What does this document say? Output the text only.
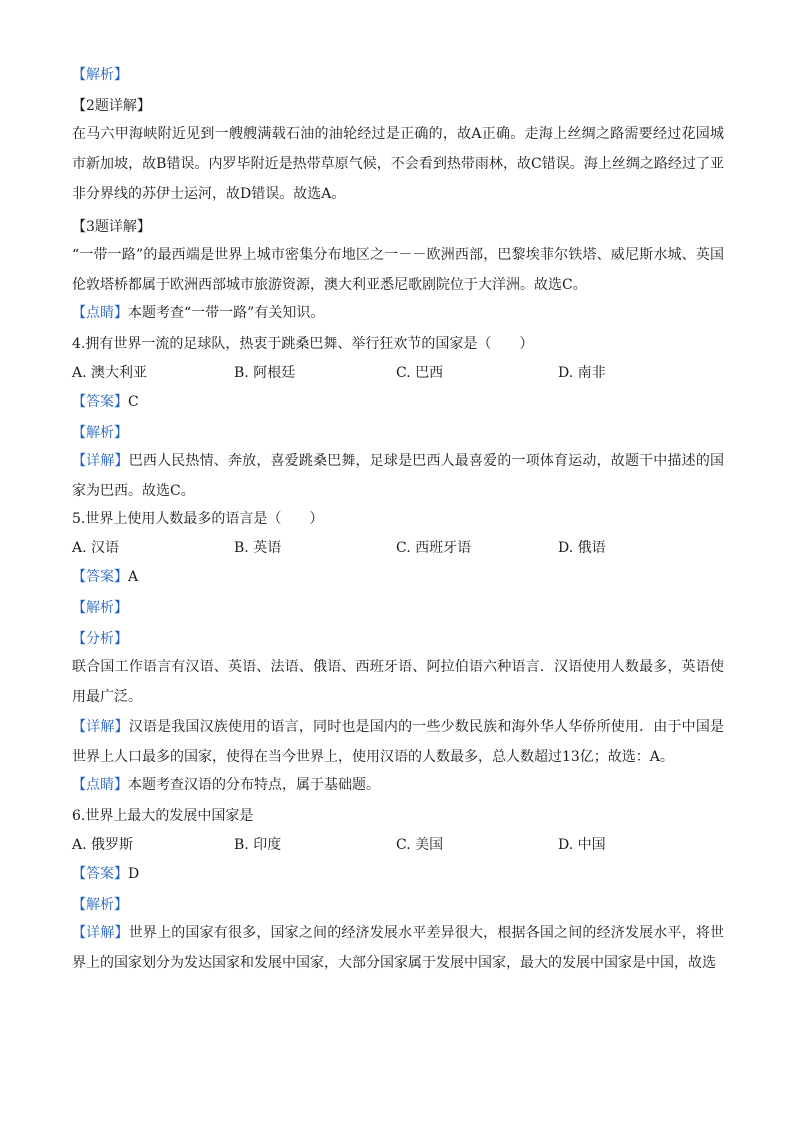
【解析】
【2题详解】

在马六甲海峡附近见到一艘艘满载石油的油轮经过是正确的，故A正确。走海上丝绸之路需要经过花园城市新加坡，故B错误。内罗毕附近是热带草原气候，不会看到热带雨林，故C错误。海上丝绸之路经过了亚非分界线的苏伊士运河，故D错误。故选A。

【3题详解】

“一带一路”的最西端是世界上城市密集分布地区之一－－欧洲西部，巴黎埃菲尔铁塔、威尼斯水城、英国伦敦塔桥都属于欧洲西部城市旅游资源，澳大利亚悉尼歌剧院位于大洋洲。故选C。

【点睛】本题考查“一带一路”有关知识。
4.拥有世界一流的足球队，热衷于跳桑巴舞、举行狂欢节的国家是（　　）
A. 澳大利亚	B. 阿根廷	C. 巴西	D. 南非
【答案】C
【解析】

【详解】巴西人民热情、奔放，喜爱跳桑巴舞，足球是巴西人最喜爱的一项体育运动，故题干中描述的国家为巴西。故选C。

5.世界上使用人数最多的语言是（　　）
A. 汉语	B. 英语	C. 西班牙语	D. 俄语
【答案】A
【解析】
【分析】

联合国工作语言有汉语、英语、法语、俄语、西班牙语、阿拉伯语六种语言．汉语使用人数最多，英语使用最广泛。

【详解】汉语是我国汉族使用的语言，同时也是国内的一些少数民族和海外华人华侨所使用．由于中国是世界上人口最多的国家，使得在当今世界上，使用汉语的人数最多，总人数超过13亿；故选：A。

【点睛】本题考查汉语的分布特点，属于基础题。
6.世界上最大的发展中国家是
A. 俄罗斯	B. 印度	C. 美国	D. 中国
【答案】D
【解析】

【详解】世界上的国家有很多，国家之间的经济发展水平差异很大，根据各国之间的经济发展水平，将世界上的国家划分为发达国家和发展中国家，大部分国家属于发展中国家，最大的发展中国家是中国，故选
